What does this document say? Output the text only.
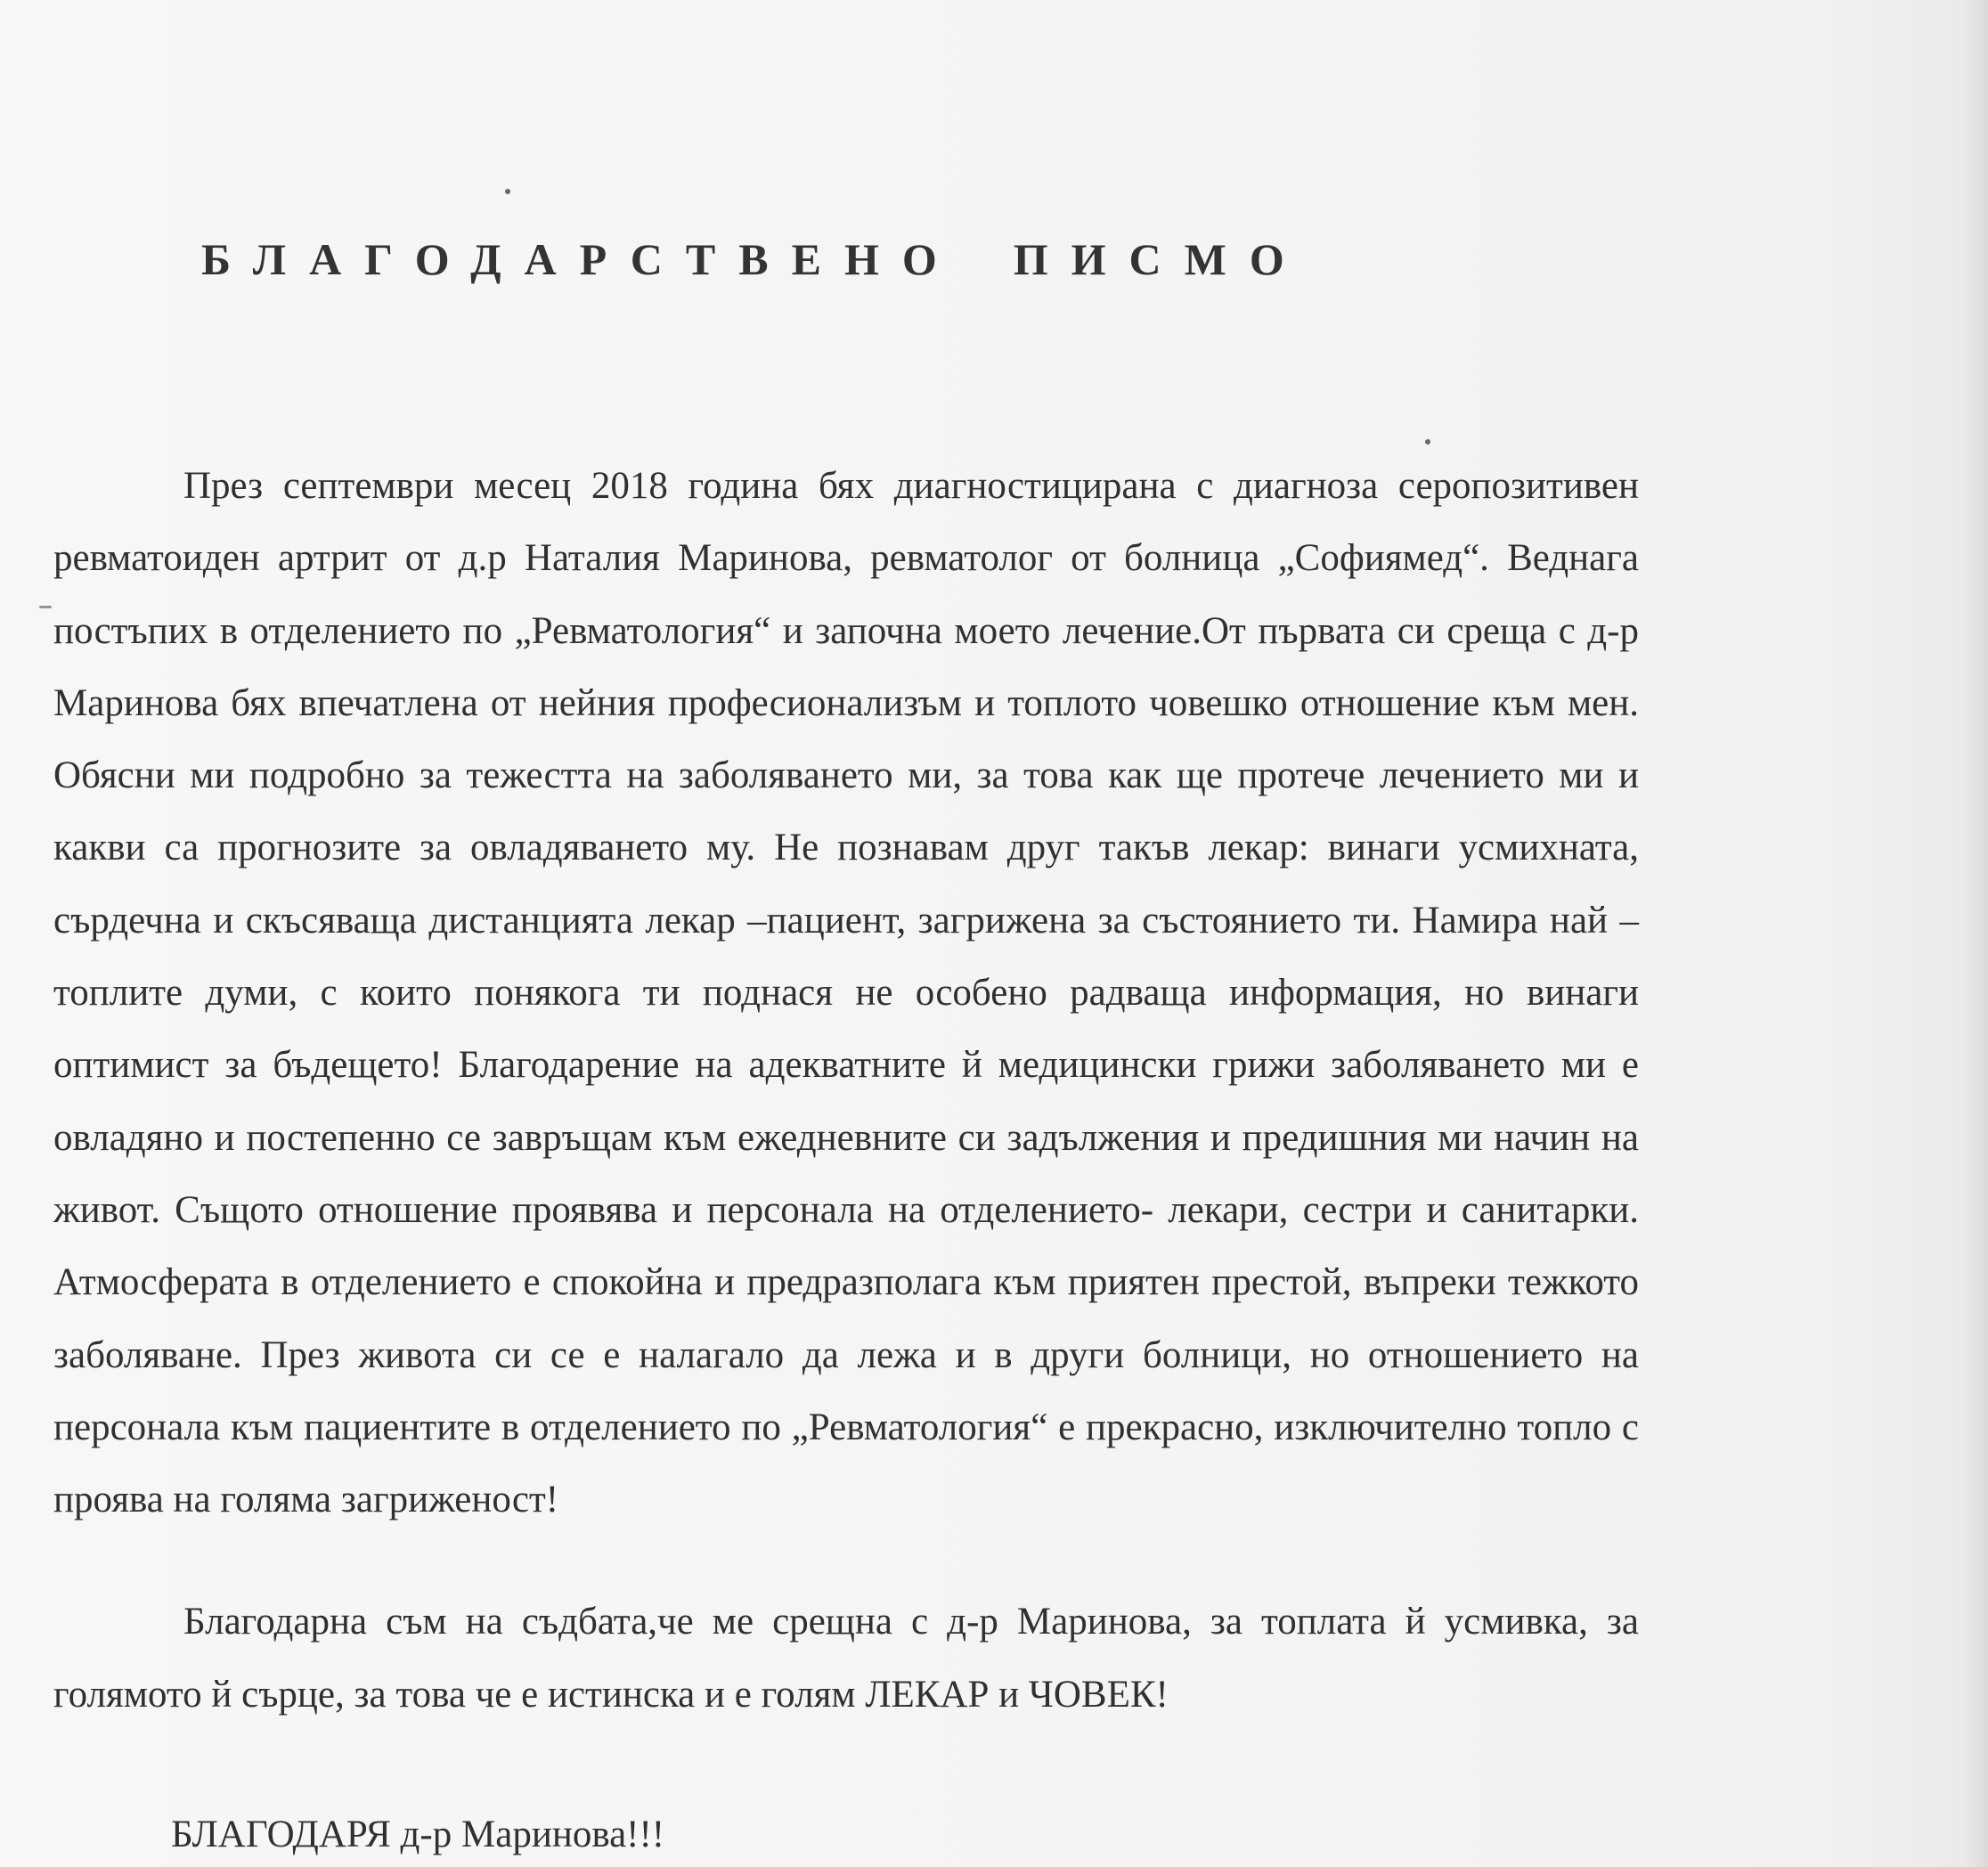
БЛАГОДАРСТВЕНО ПИСМО

През септември месец 2018 година бях диагностицирана с диагноза серопозитивен ревматоиден артрит от д.р Наталия Маринова, ревматолог от болница „Софиямед“. Веднага постъпих в отделението по „Ревматология“ и започна моето лечение.От първата си среща с д-р Маринова бях впечатлена от нейния професионализъм и топлото човешко отношение към мен. Обясни ми подробно за тежестта на заболяването ми, за това как ще протече лечението ми и какви са прогнозите за овладяването му. Не познавам друг такъв лекар: винаги усмихната, сърдечна и скъсяваща дистанцията лекар –пациент, загрижена за състоянието ти. Намира най –топлите думи, с които понякога ти поднася не особено радваща информация, но винаги оптимист за бъдещето! Благодарение на адекватните й медицински грижи заболяването ми е овладяно и постепенно се завръщам към ежедневните си задължения и предишния ми начин на живот. Същото отношение проявява и персонала на отделението- лекари, сестри и санитарки. Атмосферата в отделението е спокойна и предразполага към приятен престой, въпреки тежкото заболяване. През живота си се е налагало да лежа и в други болници, но отношението на персонала към пациентите в отделението по „Ревматология“ е прекрасно, изключително топло с проява на голяма загриженост!

Благодарна съм на съдбата,че ме срещна с д-р Маринова, за топлата й усмивка, за голямото й сърце, за това че е истинска и е голям ЛЕКАР и ЧОВЕК!

БЛАГОДАРЯ д-р Маринова!!!
